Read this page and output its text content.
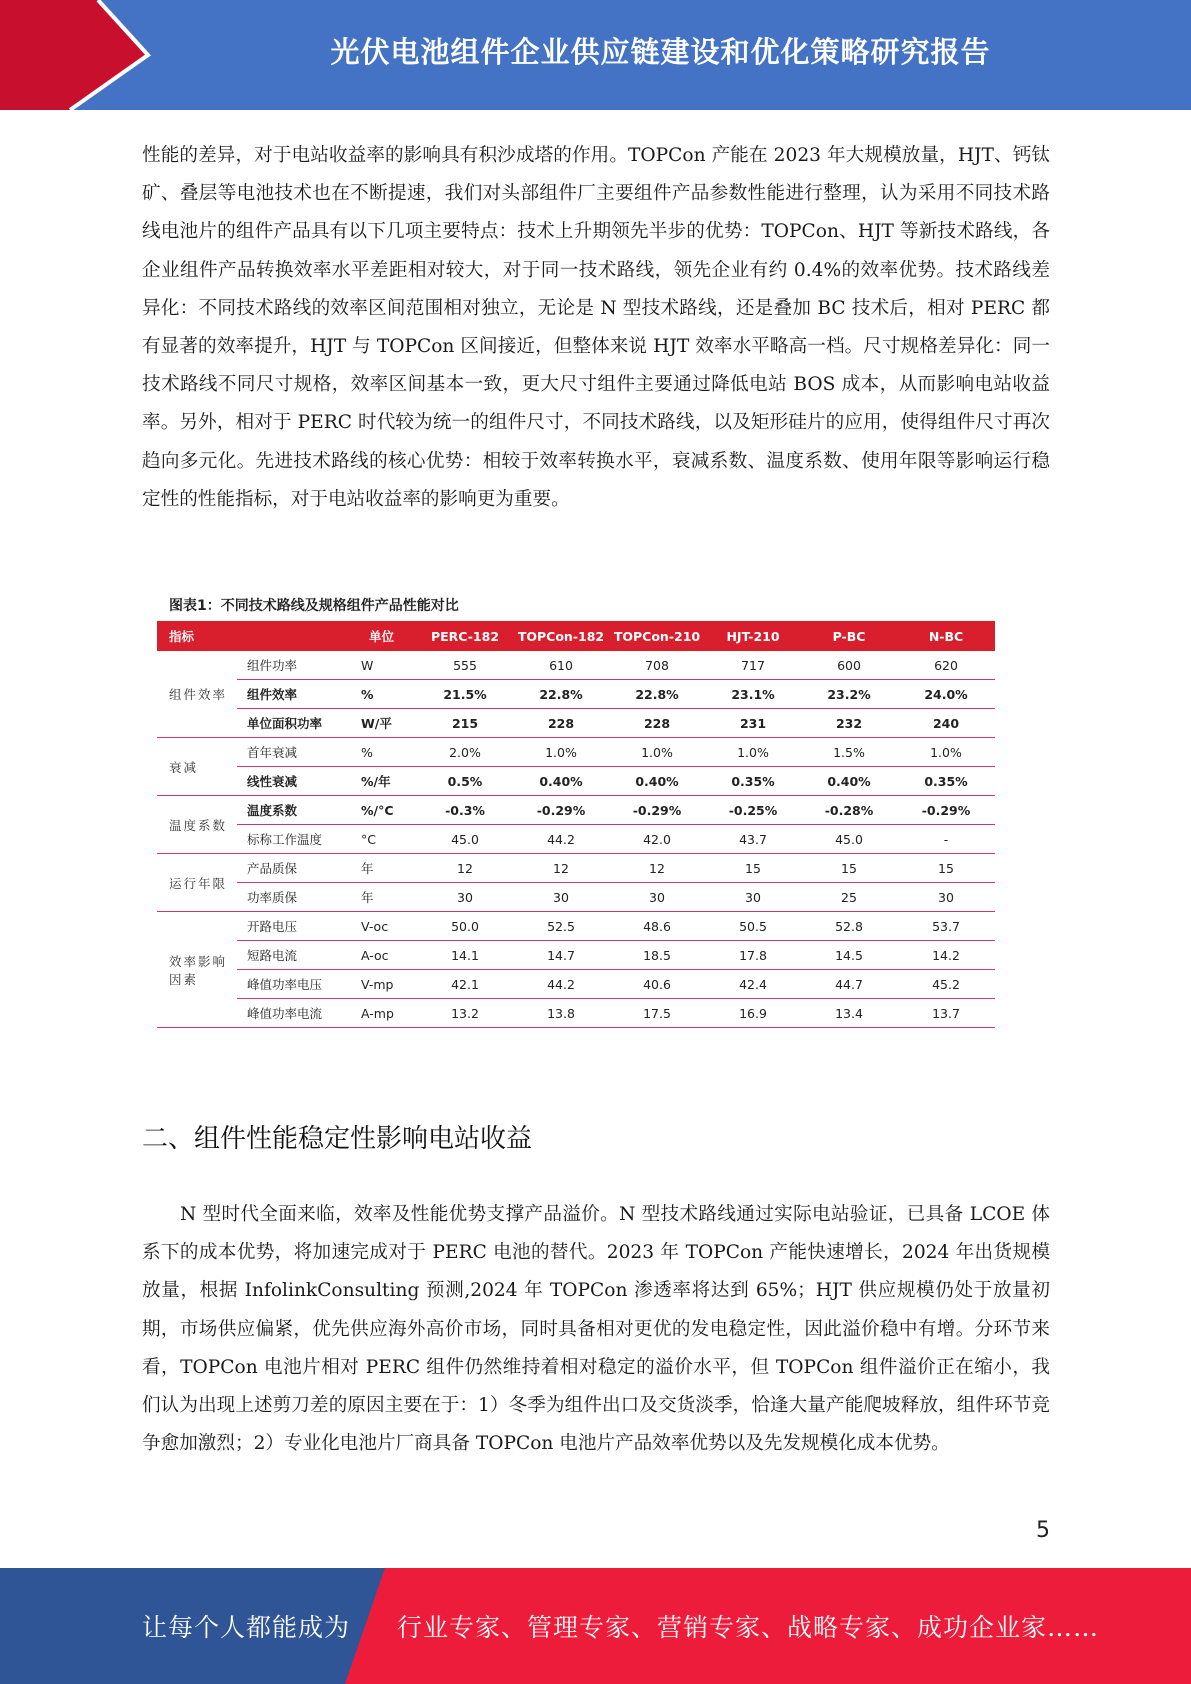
光伏电池组件企业供应链建设和优化策略研究报告
性能的差异，对于电站收益率的影响具有积沙成塔的作用。TOPCon 产能在 2023 年大规模放量，HJT、钙钛矿、叠层等电池技术也在不断提速，我们对头部组件厂主要组件产品参数性能进行整理，认为采用不同技术路线电池片的组件产品具有以下几项主要特点：技术上升期领先半步的优势：TOPCon、HJT 等新技术路线，各企业组件产品转换效率水平差距相对较大，对于同一技术路线，领先企业有约 0.4%的效率优势。技术路线差异化：不同技术路线的效率区间范围相对独立，无论是 N 型技术路线，还是叠加 BC 技术后，相对 PERC 都有显著的效率提升，HJT 与 TOPCon 区间接近，但整体来说 HJT 效率水平略高一档。尺寸规格差异化：同一技术路线不同尺寸规格，效率区间基本一致，更大尺寸组件主要通过降低电站 BOS 成本，从而影响电站收益率。另外，相对于 PERC 时代较为统一的组件尺寸，不同技术路线，以及矩形硅片的应用，使得组件尺寸再次趋向多元化。先进技术路线的核心优势：相较于效率转换水平，衰减系数、温度系数、使用年限等影响运行稳定性的性能指标，对于电站收益率的影响更为重要。
图表1：不同技术路线及规格组件产品性能对比
指标		单位	PERC-182	TOPCon-182	TOPCon-210	HJT-210	P-BC	N-BC
组件效率	组件功率	W	555	610	708	717	600	620
	组件效率	%	21.5%	22.8%	22.8%	23.1%	23.2%	24.0%
	单位面积功率	W/平	215	228	228	231	232	240
衰减	首年衰减	%	2.0%	1.0%	1.0%	1.0%	1.5%	1.0%
	线性衰减	%/年	0.5%	0.40%	0.40%	0.35%	0.40%	0.35%
温度系数	温度系数	%/°C	-0.3%	-0.29%	-0.29%	-0.25%	-0.28%	-0.29%
	标称工作温度	°C	45.0	44.2	42.0	43.7	45.0	-
运行年限	产品质保	年	12	12	12	15	15	15
	功率质保	年	30	30	30	30	25	30
效率影响因素	开路电压	V-oc	50.0	52.5	48.6	50.5	52.8	53.7
	短路电流	A-oc	14.1	14.7	18.5	17.8	14.5	14.2
	峰值功率电压	V-mp	42.1	44.2	40.6	42.4	44.7	45.2
	峰值功率电流	A-mp	13.2	13.8	17.5	16.9	13.4	13.7
二、组件性能稳定性影响电站收益
N 型时代全面来临，效率及性能优势支撑产品溢价。N 型技术路线通过实际电站验证，已具备 LCOE 体系下的成本优势，将加速完成对于 PERC 电池的替代。2023 年 TOPCon 产能快速增长，2024 年出货规模放量，根据 InfolinkConsulting 预测,2024 年 TOPCon 渗透率将达到 65%；HJT 供应规模仍处于放量初期，市场供应偏紧，优先供应海外高价市场，同时具备相对更优的发电稳定性，因此溢价稳中有增。分环节来看，TOPCon 电池片相对 PERC 组件仍然维持着相对稳定的溢价水平，但 TOPCon 组件溢价正在缩小，我们认为出现上述剪刀差的原因主要在于：1）冬季为组件出口及交货淡季，恰逢大量产能爬坡释放，组件环节竞争愈加激烈；2）专业化电池片厂商具备 TOPCon 电池片产品效率优势以及先发规模化成本优势。
5
让每个人都能成为 行业专家、管理专家、营销专家、战略专家、成功企业家……
